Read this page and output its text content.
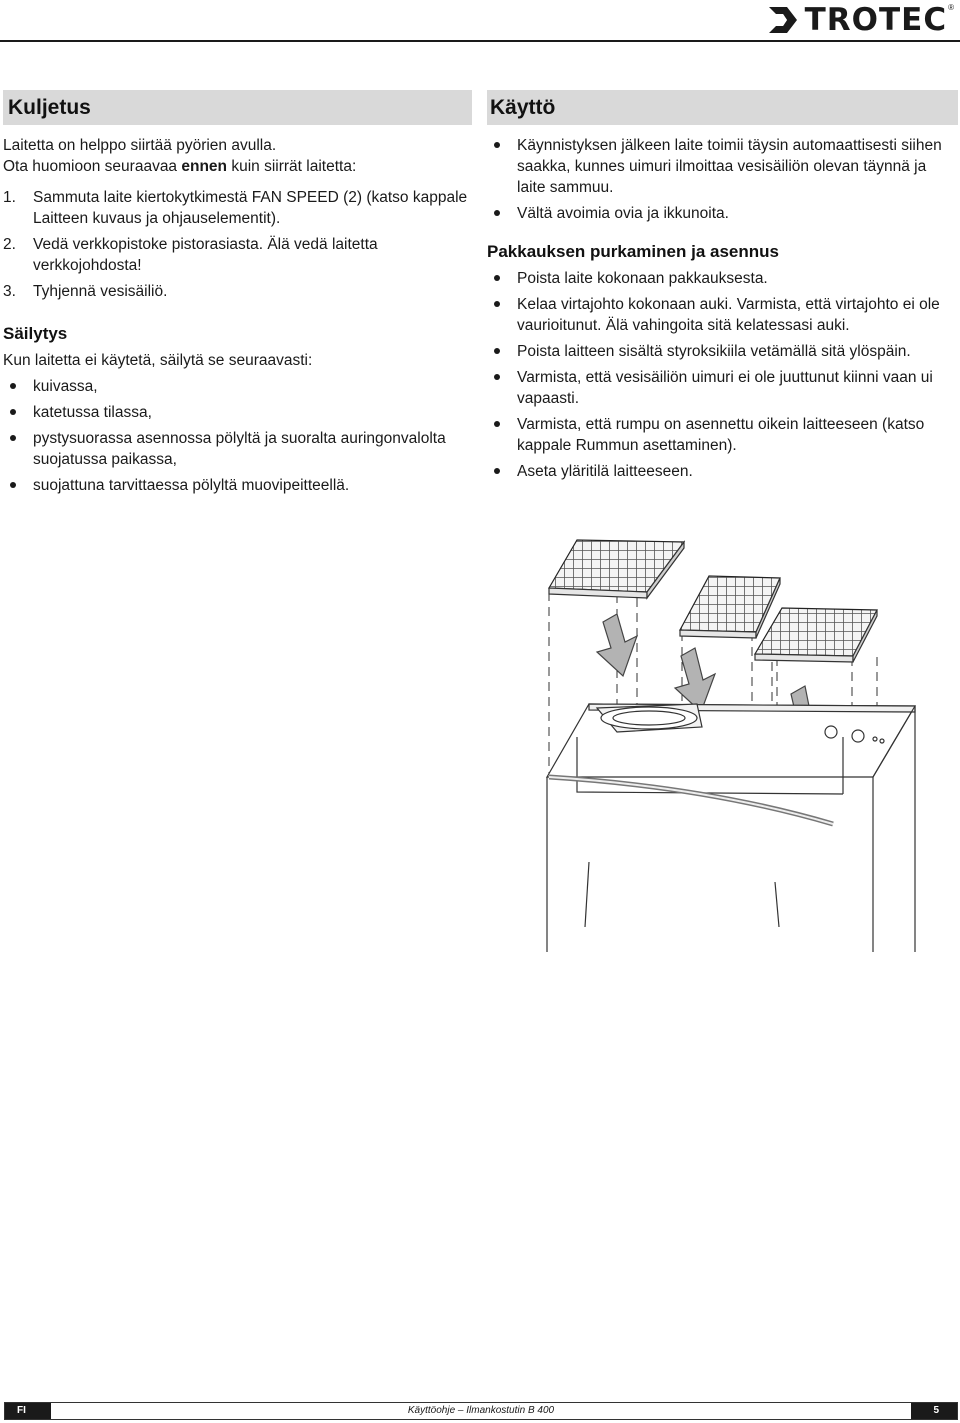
TROTEC ®
Kuljetus

Laitetta on helppo siirtää pyörien avulla.

Ota huomioon seuraavaa ennen kuin siirrät laitetta:

1. Sammuta laite kiertokytkimestä FAN SPEED (2) (katso kappale Laitteen kuvaus ja ohjauselementit).
2. Vedä verkkopistoke pistorasiasta. Älä vedä laitetta verkkojohdosta!
3. Tyhjennä vesisäiliö.
Säilytys

Kun laitetta ei käytetä, säilytä se seuraavasti:

kuivassa,
katetussa tilassa,
pystysuorassa asennossa pölyltä ja suoralta auringonvalolta suojatussa paikassa,
suojattuna tarvittaessa pölyltä muovipeitteellä.
Käyttö
Käynnistyksen jälkeen laite toimii täysin automaattisesti siihen saakka, kunnes uimuri ilmoittaa vesisäiliön olevan täynnä ja laite sammuu.
Vältä avoimia ovia ja ikkunoita.
Pakkauksen purkaminen ja asennus
Poista laite kokonaan pakkauksesta.
Kelaa virtajohto kokonaan auki. Varmista, että virtajohto ei ole vaurioitunut. Älä vahingoita sitä kelatessasi auki.
Poista laitteen sisältä styroksikiila vetämällä sitä ylöspäin.
Varmista, että vesisäiliön uimuri ei ole juuttunut kiinni vaan ui vapaasti.
Varmista, että rumpu on asennettu oikein laitteeseen (katso kappale Rummun asettaminen).
Aseta yläritilä laitteeseen.
FI	Käyttöohje – Ilmankostutin B 400	5
